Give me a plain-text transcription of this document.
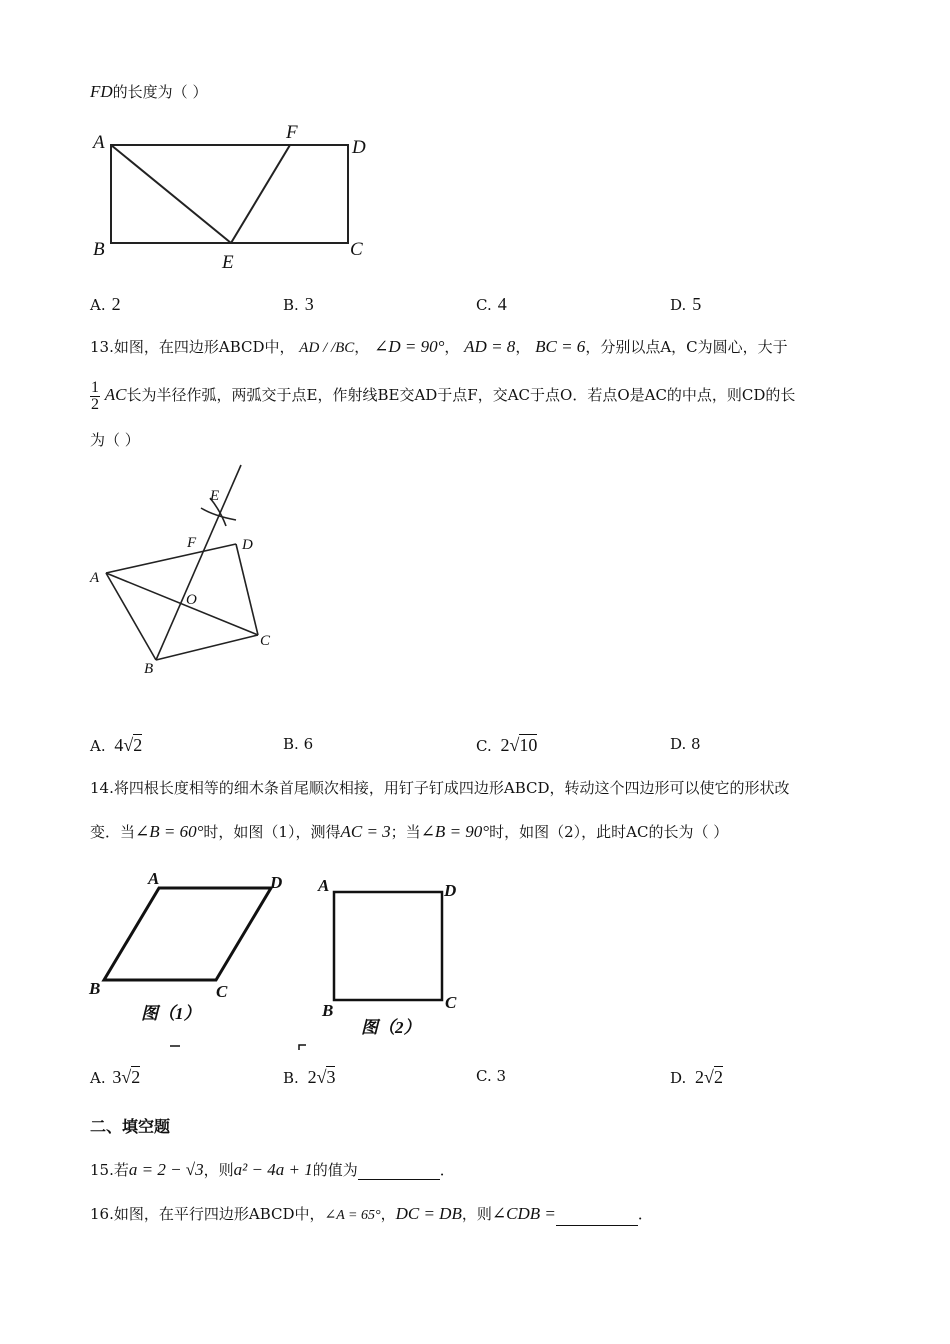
FD的长度为（ ）
A	F
D
B
E
C
A. 2	B. 3	C. 4	D. 5
13.如图，在四边形ABCD中， AD / /BC， ∠D = 90°， AD = 8， BC = 6，分别以点A，C为圆心，大于
$\frac{1}{2}$ AC长为半径作弧，两弧交于点E，作射线BE交AD于点F，交AC于点O．若点O是AC的中点，则CD的长
为（ ）
E
F	D
A
O
C
B
A. 4√2	B. 6	C. 2√10	D. 8
14.将四根长度相等的细木条首尾顺次相接，用钉子钉成四边形ABCD，转动这个四边形可以使它的形状改
变．当∠B = 60°时，如图（1），测得AC = 3；当∠B = 90°时，如图（2），此时AC的长为（ ）
A	D
B	C
A	D
B	C
图（1）
图（2）
A. 3√2	B. 2√3	C. 3	D. 2√2
二、填空题
15.若a = 2 − √3，则a² − 4a + 1的值为	．
16.如图，在平行四边形ABCD中，∠A = 65°，DC = DB，则∠CDB =	．
